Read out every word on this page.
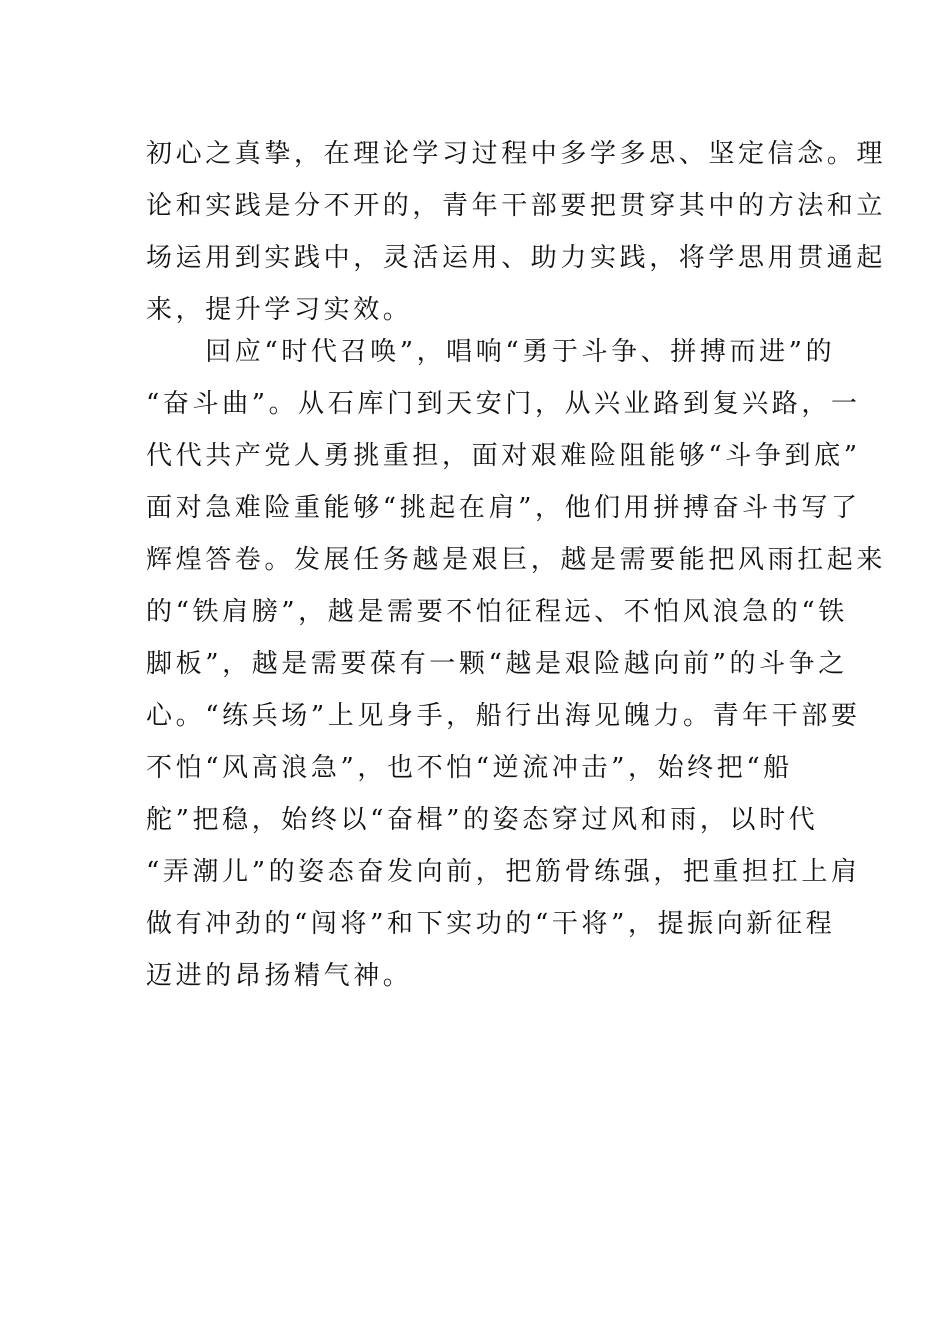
初心之真挚，在理论学习过程中多学多思、坚定信念。理
论和实践是分不开的，青年干部要把贯穿其中的方法和立
场运用到实践中，灵活运用、助力实践，将学思用贯通起
来，提升学习实效。
　　回应“时代召唤”，唱响“勇于斗争、拼搏而进”的
“奋斗曲”。从石库门到天安门，从兴业路到复兴路，一
代代共产党人勇挑重担，面对艰难险阻能够“斗争到底”
面对急难险重能够“挑起在肩”，他们用拼搏奋斗书写了
辉煌答卷。发展任务越是艰巨，越是需要能把风雨扛起来
的“铁肩膀”，越是需要不怕征程远、不怕风浪急的“铁
脚板”，越是需要葆有一颗“越是艰险越向前”的斗争之
心。“练兵场”上见身手，船行出海见魄力。青年干部要
不怕“风高浪急”，也不怕“逆流冲击”，始终把“船
舵”把稳，始终以“奋楫”的姿态穿过风和雨，以时代
“弄潮儿”的姿态奋发向前，把筋骨练强，把重担扛上肩
做有冲劲的“闯将”和下实功的“干将”，提振向新征程
迈进的昂扬精气神。
